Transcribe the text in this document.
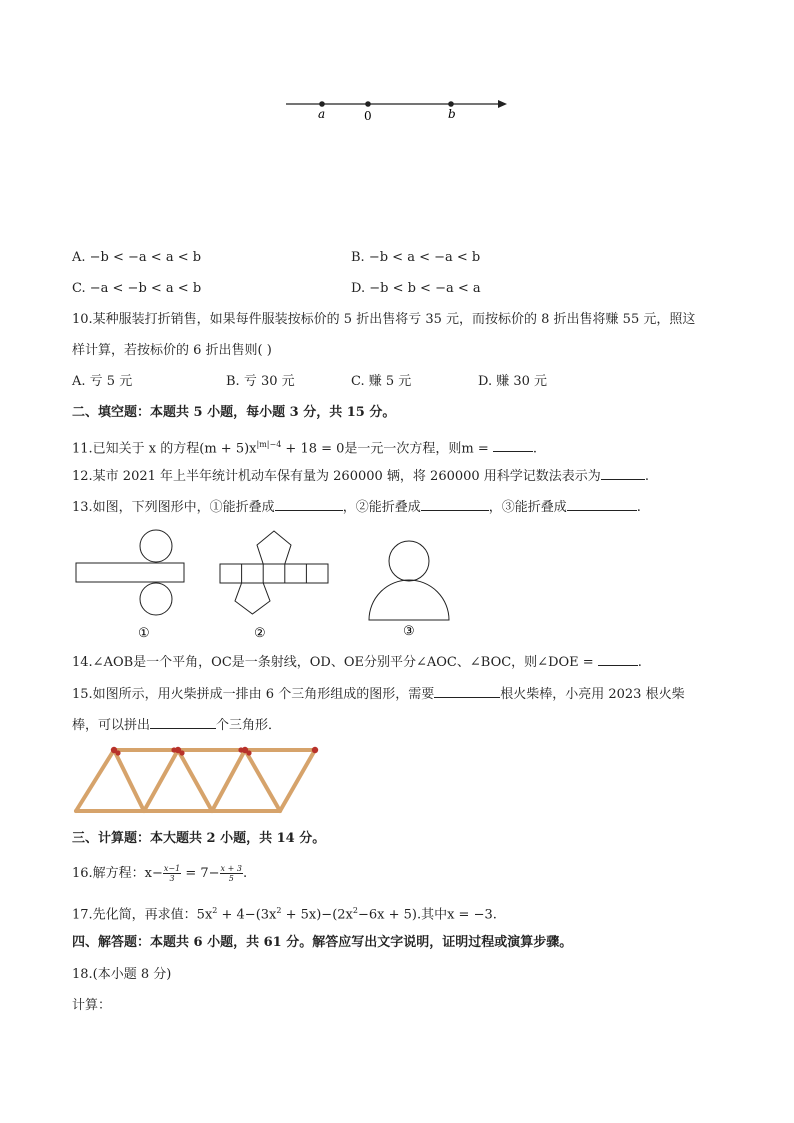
a	0	b
A. −b < −a < a < b	B. −b < a < −a < b
C. −a < −b < a < b	D. −b < b < −a < a
10.某种服装打折销售，如果每件服装按标价的 5 折出售将亏 35 元，而按标价的 8 折出售将赚 55 元，照这
样计算，若按标价的 6 折出售则( )
A. 亏 5 元	B. 亏 30 元	C. 赚 5 元	D. 赚 30 元
二、填空题：本题共 5 小题，每小题 3 分，共 15 分。
11.已知关于 x 的方程$(m + 5)x^{|m|-4} + 18 = 0$是一元一次方程，则m =	.
12.某市 2021 年上半年统计机动车保有量为 260000 辆，将 260000 用科学记数法表示为	.
13.如图，下列图形中，①能折叠成	，②能折叠成	，③能折叠成	.
①	②	③
14.∠AOB是一个平角，OC是一条射线，OD、OE分别平分∠AOC、∠BOC，则∠DOE =	.
15.如图所示，用火柴拼成一排由 6 个三角形组成的图形，需要	根火柴棒，小亮用 2023 根火柴
棒，可以拼出	个三角形．
三、计算题：本大题共 2 小题，共 14 分。
16.解方程：$x- \frac{x-1}{3} = 7- \frac{x + 3}{5}$ .
17.先化简，再求值：$5x^2 + 4-(3x^2 + 5x)-(2x^2-6x + 5)$.其中x = −3.
四、解答题：本题共 6 小题，共 61 分。解答应写出文字说明，证明过程或演算步骤。
18.(本小题 8 分)
计算：
